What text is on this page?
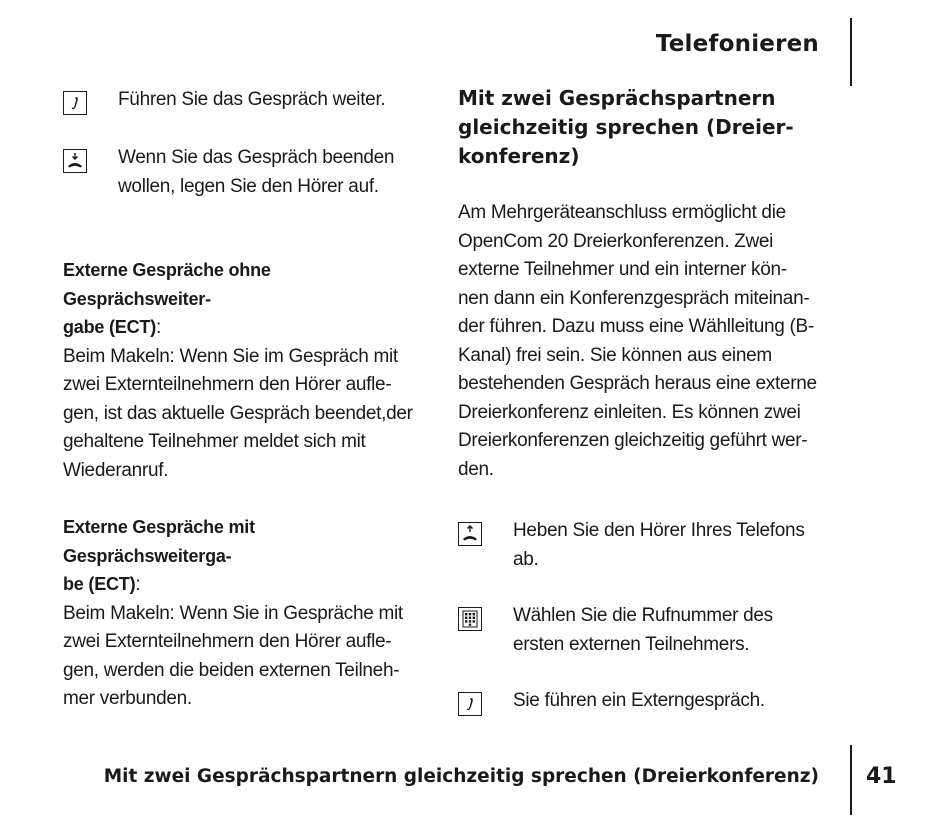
Telefonieren
Führen Sie das Gespräch weiter.
Wenn Sie das Gespräch beenden
wollen, legen Sie den Hörer auf.
Externe Gespräche ohne Gesprächsweiter-
gabe (ECT):
Beim Makeln: Wenn Sie im Gespräch mit
zwei Externteilnehmern den Hörer aufle-
gen, ist das aktuelle Gespräch beendet,der
gehaltene Teilnehmer meldet sich mit
Wiederanruf.
Externe Gespräche mit Gesprächsweiterga-
be (ECT):
Beim Makeln: Wenn Sie in Gespräche mit
zwei Externteilnehmern den Hörer aufle-
gen, werden die beiden externen Teilneh-
mer verbunden.
Mit zwei Gesprächspartnern
gleichzeitig sprechen (Dreier-
konferenz)
Am Mehrgeräteanschluss ermöglicht die
OpenCom 20 Dreierkonferenzen. Zwei
externe Teilnehmer und ein interner kön-
nen dann ein Konferenzgespräch miteinan-
der führen. Dazu muss eine Wählleitung (B-
Kanal) frei sein. Sie können aus einem
bestehenden Gespräch heraus eine externe
Dreierkonferenz einleiten. Es können zwei
Dreierkonferenzen gleichzeitig geführt wer-
den.
Heben Sie den Hörer Ihres Telefons
ab.
Wählen Sie die Rufnummer des
ersten externen Teilnehmers.
Sie führen ein Externgespräch.
Mit zwei Gesprächspartnern gleichzeitig sprechen (Dreierkonferenz) 41
